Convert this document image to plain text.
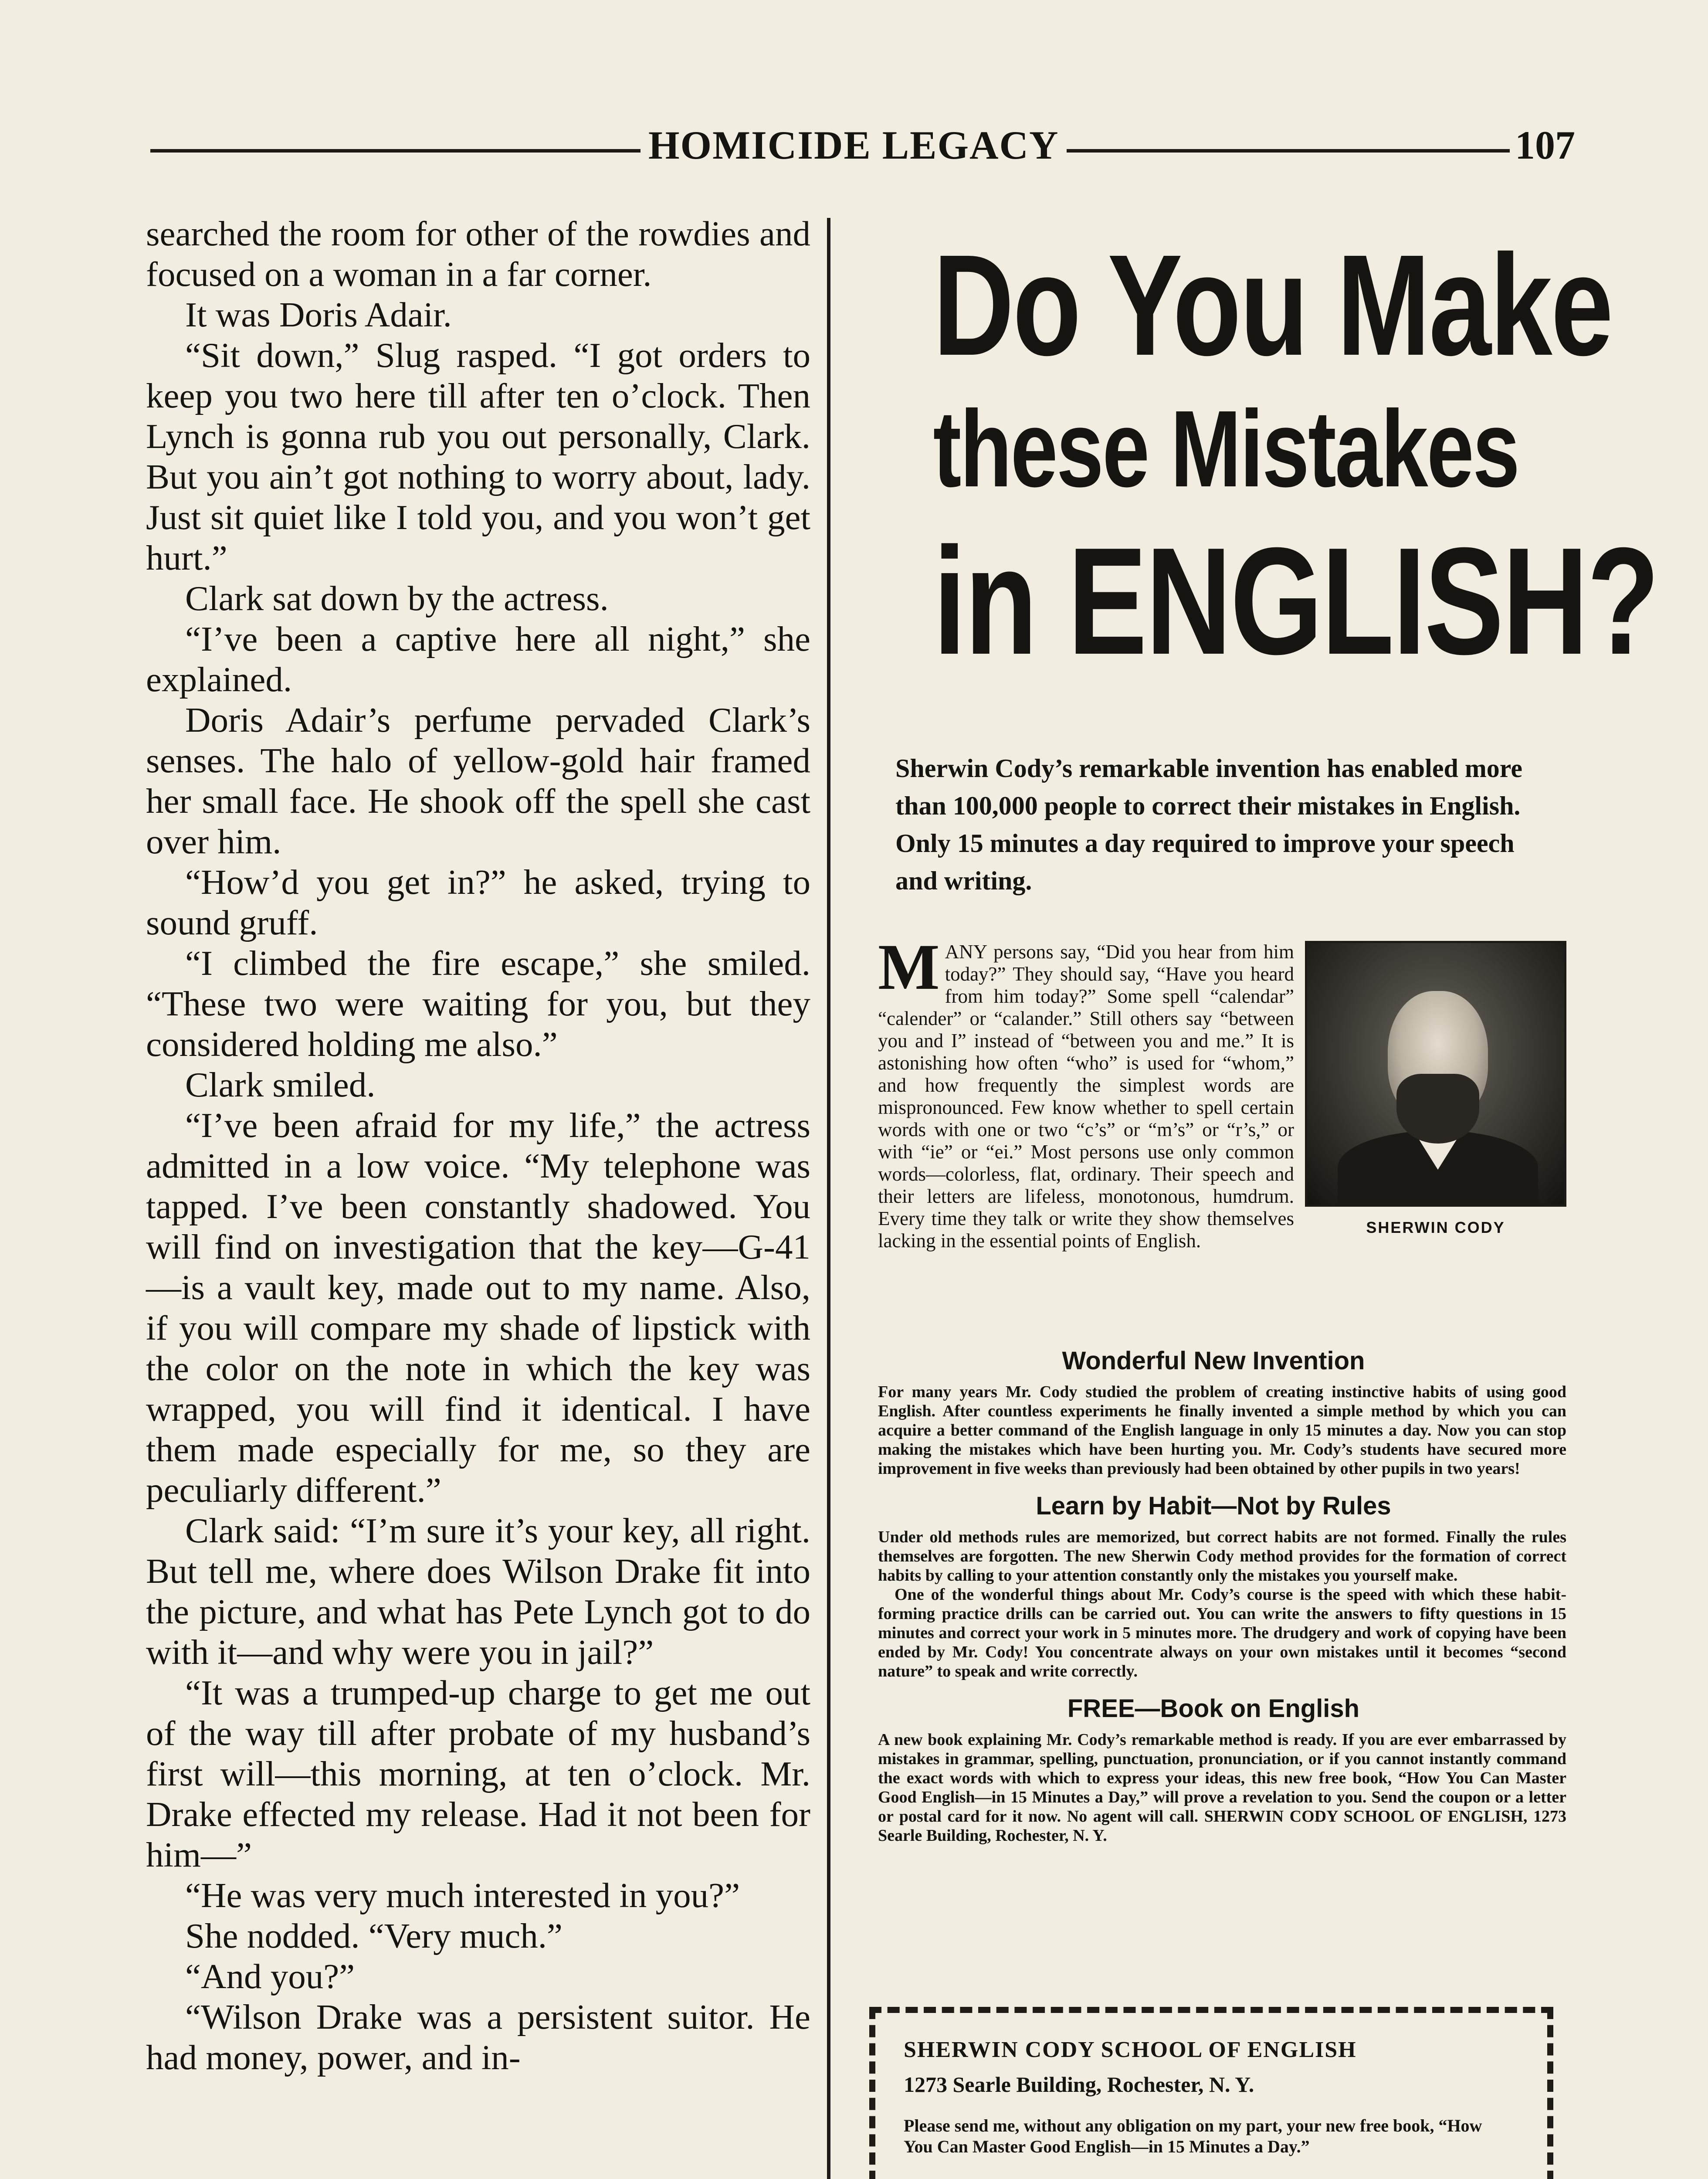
HOMICIDE LEGACY	107

searched the room for other of the rowdies and focused on a woman in a far corner.

It was Doris Adair.

“Sit down,” Slug rasped. “I got orders to keep you two here till after ten o’clock. Then Lynch is gonna rub you out personally, Clark. But you ain’t got nothing to worry about, lady. Just sit quiet like I told you, and you won’t get hurt.”

Clark sat down by the actress.

“I’ve been a captive here all night,” she explained.

Doris Adair’s perfume pervaded Clark’s senses. The halo of yellow-gold hair framed her small face. He shook off the spell she cast over him.

“How’d you get in?” he asked, trying to sound gruff.

“I climbed the fire escape,” she smiled. “These two were waiting for you, but they considered holding me also.”

Clark smiled.

“I’ve been afraid for my life,” the actress admitted in a low voice. “My telephone was tapped. I’ve been constantly shadowed. You will find on investigation that the key—G-41—is a vault key, made out to my name. Also, if you will compare my shade of lipstick with the color on the note in which the key was wrapped, you will find it identical. I have them made especially for me, so they are peculiarly different.”

Clark said: “I’m sure it’s your key, all right. But tell me, where does Wilson Drake fit into the picture, and what has Pete Lynch got to do with it—and why were you in jail?”

“It was a trumped-up charge to get me out of the way till after probate of my husband’s first will—this morning, at ten o’clock. Mr. Drake effected my release. Had it not been for him—”

“He was very much interested in you?”

She nodded. “Very much.”

“And you?”

“Wilson Drake was a persistent suitor. He had money, power, and in-

Do You Make
these Mistakes
in ENGLISH?
Sherwin Cody’s remarkable invention has enabled more than 100,000 people to correct their mistakes in English. Only 15 minutes a day required to improve your speech and writing.
SHERWIN CODY
M ANY persons say, “Did you hear from him today?” They should say, “Have you heard from him today?” Some spell “calendar” “calender” or “calander.” Still others say “between you and I” instead of “between you and me.” It is astonishing how often “who” is used for “whom,” and how frequently the simplest words are mispronounced. Few know whether to spell certain words with one or two “c’s” or “m’s” or “r’s,” or with “ie” or “ei.” Most persons use only common words—colorless, flat, ordinary. Their speech and their letters are lifeless, monotonous, humdrum. Every time they talk or write they show themselves lacking in the essential points of English.
Wonderful New Invention

For many years Mr. Cody studied the problem of creating instinctive habits of using good English. After countless experiments he finally invented a simple method by which you can acquire a better command of the English language in only 15 minutes a day. Now you can stop making the mistakes which have been hurting you. Mr. Cody’s students have secured more improvement in five weeks than previously had been obtained by other pupils in two years!

Learn by Habit—Not by Rules

Under old methods rules are memorized, but correct habits are not formed. Finally the rules themselves are forgotten. The new Sherwin Cody method provides for the formation of correct habits by calling to your attention constantly only the mistakes you yourself make.

One of the wonderful things about Mr. Cody’s course is the speed with which these habit-forming practice drills can be carried out. You can write the answers to fifty questions in 15 minutes and correct your work in 5 minutes more. The drudgery and work of copying have been ended by Mr. Cody! You concentrate always on your own mistakes until it becomes “second nature” to speak and write correctly.

FREE—Book on English

A new book explaining Mr. Cody’s remarkable method is ready. If you are ever embarrassed by mistakes in grammar, spelling, punctuation, pronunciation, or if you cannot instantly command the exact words with which to express your ideas, this new free book, “How You Can Master Good English—in 15 Minutes a Day,” will prove a revelation to you. Send the coupon or a letter or postal card for it now. No agent will call. SHERWIN CODY SCHOOL OF ENGLISH, 1273 Searle Building, Rochester, N. Y.

SHERWIN CODY SCHOOL OF ENGLISH
1273 Searle Building, Rochester, N. Y.
Please send me, without any obligation on my part, your new free book, “How You Can Master Good English—in 15 Minutes a Day.”
